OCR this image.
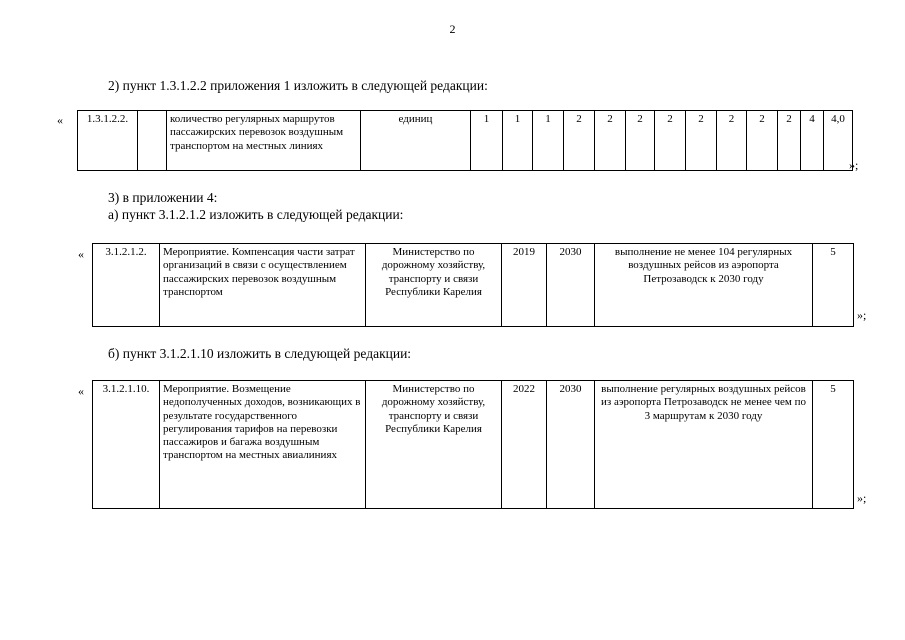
2
2) пункт 1.3.1.2.2 приложения 1 изложить в следующей редакции:
« 1.3.1.2.2.		количество регулярных маршрутов пассажирских перевозок воздушным транспортом на местных линиях	единиц	1	1	1	2	2	2	2	2	2	2	2	4	4,0
»;
3) в приложении 4:
а) пункт 3.1.2.1.2 изложить в следующей редакции:
« 3.1.2.1.2.	Мероприятие. Компенсация части затрат организаций в связи с осуществлением пассажирских перевозок воздушным транспортом	Министерство по дорожному хозяйству, транспорту и связи Республики Карелия	2019	2030	выполнение не менее 104 регулярных воздушных рейсов из аэропорта Петрозаводск к 2030 году	5
»;
б) пункт 3.1.2.1.10 изложить в следующей редакции:
« 3.1.2.1.10.	Мероприятие. Возмещение недополученных доходов, возникающих в результате государственного регулирования тарифов на перевозки пассажиров и багажа воздушным транспортом на местных авиалиниях	Министерство по дорожному хозяйству, транспорту и связи Республики Карелия	2022	2030	выполнение регулярных воздушных рейсов из аэропорта Петрозаводск не менее чем по 3 маршрутам к 2030 году	5
»;
